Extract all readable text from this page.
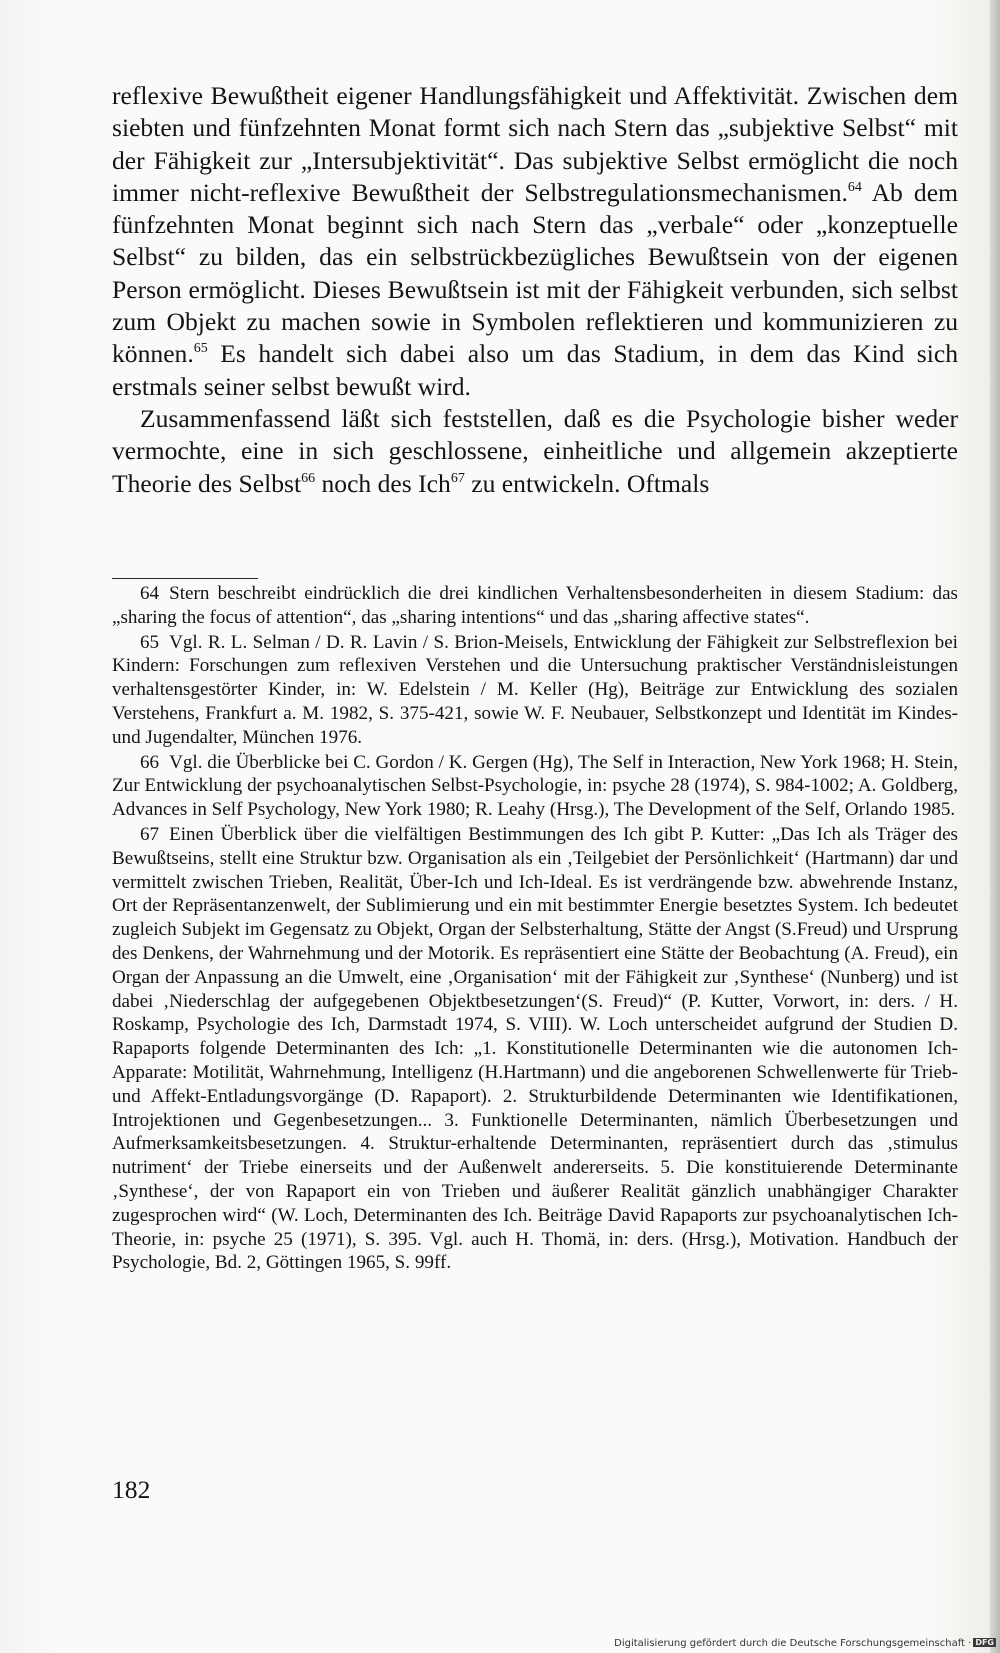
reflexive Bewußtheit eigener Handlungsfähigkeit und Affektivität. Zwischen dem siebten und fünfzehnten Monat formt sich nach Stern das „subjektive Selbst“ mit der Fähigkeit zur „Intersubjektivität“. Das subjektive Selbst ermöglicht die noch immer nicht-reflexive Bewußtheit der Selbstregulationsmechanismen.$^{64}$ Ab dem fünfzehnten Monat beginnt sich nach Stern das „verbale“ oder „konzeptuelle Selbst“ zu bilden, das ein selbstrückbezügliches Bewußtsein von der eigenen Person ermöglicht. Dieses Bewußtsein ist mit der Fähigkeit verbunden, sich selbst zum Objekt zu machen sowie in Symbolen reflektieren und kommunizieren zu können.$^{65}$ Es handelt sich dabei also um das Stadium, in dem das Kind sich erstmals seiner selbst bewußt wird.

Zusammenfassend läßt sich feststellen, daß es die Psychologie bisher weder vermochte, eine in sich geschlossene, einheitliche und allgemein akzeptierte Theorie des Selbst$^{66}$ noch des Ich$^{67}$ zu entwickeln. Oftmals

64 Stern beschreibt eindrücklich die drei kindlichen Verhaltensbesonderheiten in diesem Stadium: das „sharing the focus of attention“, das „sharing intentions“ und das „sharing affective states“.

65 Vgl. R. L. Selman / D. R. Lavin / S. Brion-Meisels, Entwicklung der Fähigkeit zur Selbstreflexion bei Kindern: Forschungen zum reflexiven Verstehen und die Untersuchung praktischer Verständnisleistungen verhaltensgestörter Kinder, in: W. Edelstein / M. Keller (Hg), Beiträge zur Entwicklung des sozialen Verstehens, Frankfurt a. M. 1982, S. 375-421, sowie W. F. Neubauer, Selbstkonzept und Identität im Kindes- und Jugendalter, München 1976.

66 Vgl. die Überblicke bei C. Gordon / K. Gergen (Hg), The Self in Interaction, New York 1968; H. Stein, Zur Entwicklung der psychoanalytischen Selbst-Psychologie, in: psyche 28 (1974), S. 984-1002; A. Goldberg, Advances in Self Psychology, New York 1980; R. Leahy (Hrsg.), The Development of the Self, Orlando 1985.

67 Einen Überblick über die vielfältigen Bestimmungen des Ich gibt P. Kutter: „Das Ich als Träger des Bewußtseins, stellt eine Struktur bzw. Organisation als ein ‚Teilgebiet der Persönlichkeit‘ (Hartmann) dar und vermittelt zwischen Trieben, Realität, Über-Ich und Ich-Ideal. Es ist verdrängende bzw. abwehrende Instanz, Ort der Repräsentanzenwelt, der Sublimierung und ein mit bestimmter Energie besetztes System. Ich bedeutet zugleich Subjekt im Gegensatz zu Objekt, Organ der Selbsterhaltung, Stätte der Angst (S.Freud) und Ursprung des Denkens, der Wahrnehmung und der Motorik. Es repräsentiert eine Stätte der Beobachtung (A. Freud), ein Organ der Anpassung an die Umwelt, eine ‚Organisation‘ mit der Fähigkeit zur ‚Synthese‘ (Nunberg) und ist dabei ‚Niederschlag der aufgegebenen Objektbesetzungen‘(S. Freud)“ (P. Kutter, Vorwort, in: ders. / H. Roskamp, Psychologie des Ich, Darmstadt 1974, S. VIII). W. Loch unterscheidet aufgrund der Studien D. Rapaports folgende Determinanten des Ich: „1. Konstitutionelle Determinanten wie die autonomen Ich-Apparate: Motilität, Wahrnehmung, Intelligenz (H.Hartmann) und die angeborenen Schwellenwerte für Trieb- und Affekt-Entladungsvorgänge (D. Rapaport). 2. Strukturbildende Determinanten wie Identifikationen, Introjektionen und Gegenbesetzungen... 3. Funktionelle Determinanten, nämlich Überbesetzungen und Aufmerksamkeitsbesetzungen. 4. Struktur-erhaltende Determinanten, repräsentiert durch das ‚stimulus nutriment‘ der Triebe einerseits und der Außenwelt andererseits. 5. Die konstituierende Determinante ‚Synthese‘, der von Rapaport ein von Trieben und äußerer Realität gänzlich unabhängiger Charakter zugesprochen wird“ (W. Loch, Determinanten des Ich. Beiträge David Rapaports zur psychoanalytischen Ich-Theorie, in: psyche 25 (1971), S. 395. Vgl. auch H. Thomä, in: ders. (Hrsg.), Motivation. Handbuch der Psychologie, Bd. 2, Göttingen 1965, S. 99ff.

182
Digitalisierung gefördert durch die Deutsche Forschungsgemeinschaft · DFG
